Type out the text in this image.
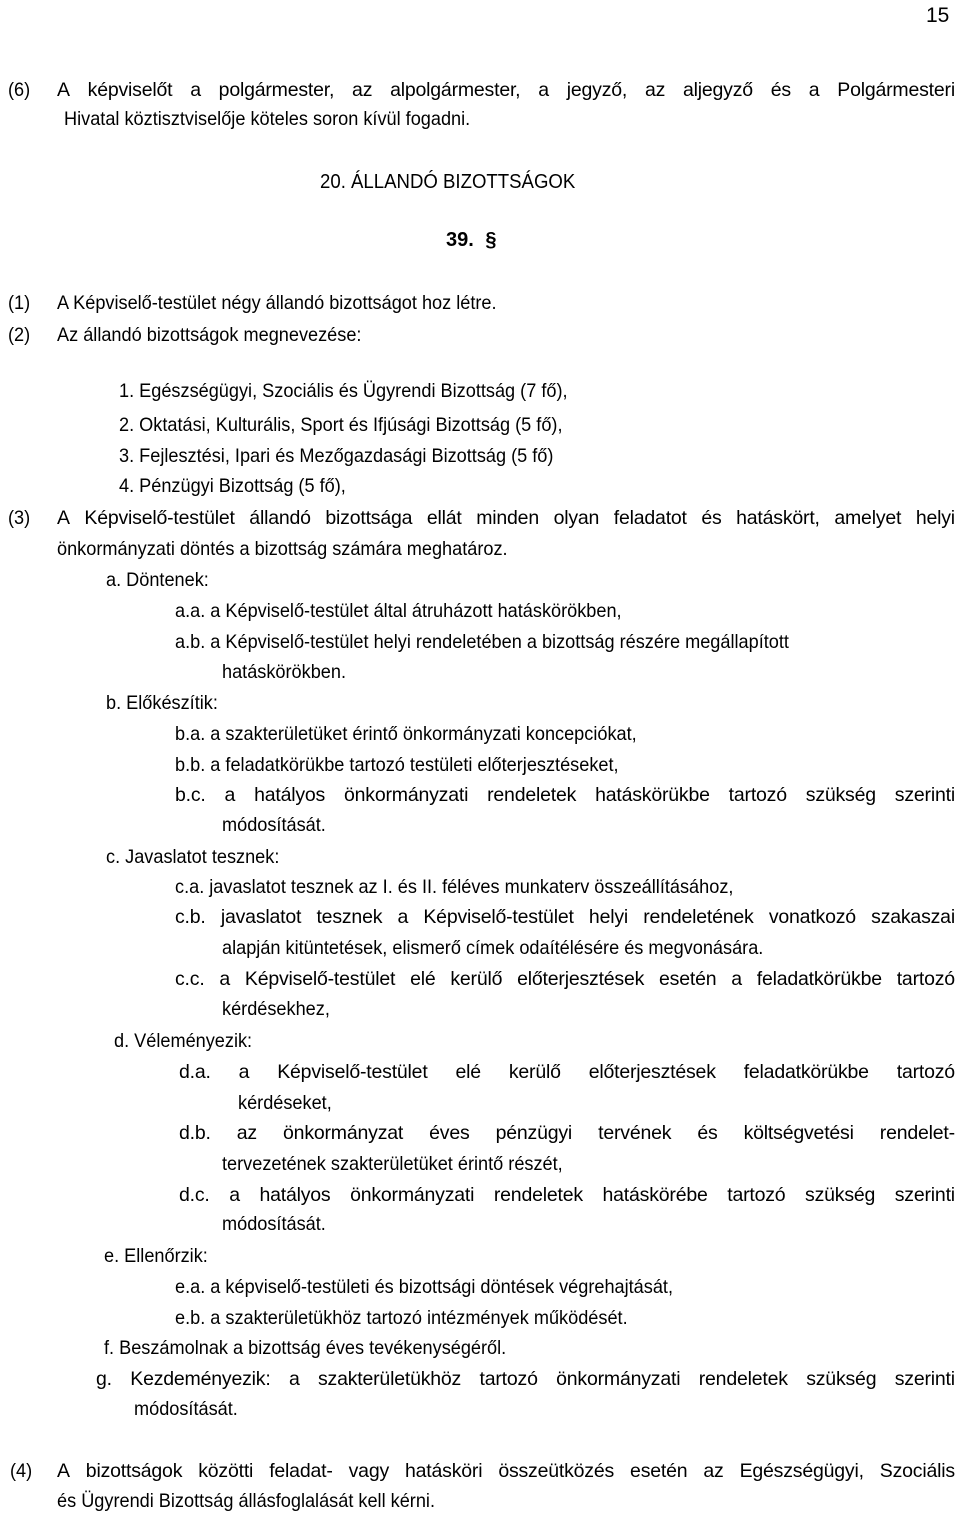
15
(6) A képviselőt a polgármester, az alpolgármester, a jegyző, az aljegyző és a Polgármesteri
Hivatal köztisztviselője köteles soron kívül fogadni.
20. ÁLLANDÓ BIZOTTSÁGOK
39. §
(1) A Képviselő-testület négy állandó bizottságot hoz létre.
(2) Az állandó bizottságok megnevezése:
1. Egészségügyi, Szociális és Ügyrendi Bizottság (7 fő),
2. Oktatási, Kulturális, Sport és Ifjúsági Bizottság (5 fő),
3. Fejlesztési, Ipari és Mezőgazdasági Bizottság (5 fő)
4. Pénzügyi Bizottság (5 fő),
(3) A Képviselő-testület állandó bizottsága ellát minden olyan feladatot és hatáskört, amelyet helyi
önkormányzati döntés a bizottság számára meghatároz.
a. Döntenek:
a.a. a Képviselő-testület által átruházott hatáskörökben,
a.b. a Képviselő-testület helyi rendeletében a bizottság részére megállapított
hatáskörökben.
b. Előkészítik:
b.a. a szakterületüket érintő önkormányzati koncepciókat,
b.b. a feladatkörükbe tartozó testületi előterjesztéseket,
b.c. a hatályos önkormányzati rendeletek hatáskörükbe tartozó szükség szerinti
módosítását.
c. Javaslatot tesznek:
c.a. javaslatot tesznek az I. és II. féléves munkaterv összeállításához,
c.b. javaslatot tesznek a Képviselő-testület helyi rendeletének vonatkozó szakaszai
alapján kitüntetések, elismerő címek odaítélésére és megvonására.
c.c. a Képviselő-testület elé kerülő előterjesztések esetén a feladatkörükbe tartozó
kérdésekhez,
d. Véleményezik:
d.a. a Képviselő-testület elé kerülő előterjesztések feladatkörükbe tartozó
kérdéseket,
d.b. az önkormányzat éves pénzügyi tervének és költségvetési rendelet-
tervezetének szakterületüket érintő részét,
d.c. a hatályos önkormányzati rendeletek hatáskörébe tartozó szükség szerinti
módosítását.
e. Ellenőrzik:
e.a. a képviselő-testületi és bizottsági döntések végrehajtását,
e.b. a szakterületükhöz tartozó intézmények működését.
f. Beszámolnak a bizottság éves tevékenységéről.
g. Kezdeményezik: a szakterületükhöz tartozó önkormányzati rendeletek szükség szerinti
módosítását.
(4) A bizottságok közötti feladat- vagy hatásköri összeütközés esetén az Egészségügyi, Szociális
és Ügyrendi Bizottság állásfoglalását kell kérni.
